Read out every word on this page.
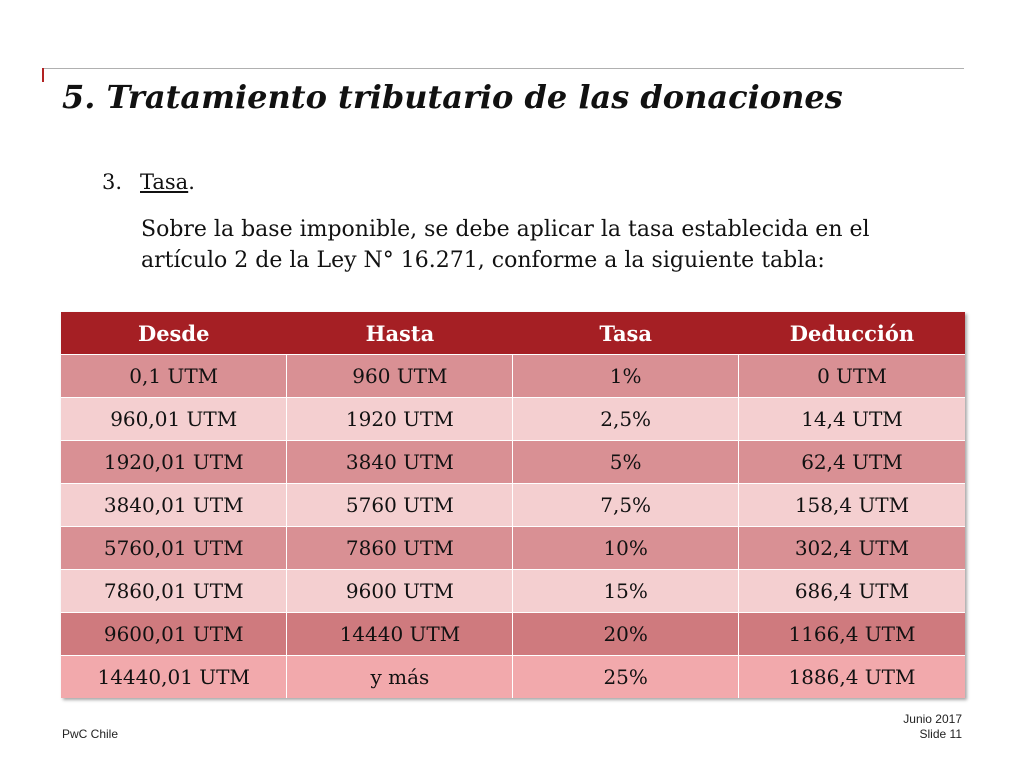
5. Tratamiento tributario de las donaciones
3. Tasa.
Sobre la base imponible, se debe aplicar la tasa establecida en el artículo 2 de la Ley N° 16.271, conforme a la siguiente tabla:
Desde	Hasta	Tasa	Deducción
0,1 UTM	960 UTM	1%	0 UTM
960,01 UTM	1920 UTM	2,5%	14,4 UTM
1920,01 UTM	3840 UTM	5%	62,4 UTM
3840,01 UTM	5760 UTM	7,5%	158,4 UTM
5760,01 UTM	7860 UTM	10%	302,4 UTM
7860,01 UTM	9600 UTM	15%	686,4 UTM
9600,01 UTM	14440 UTM	20%	1166,4 UTM
14440,01 UTM	y más	25%	1886,4 UTM
PwC Chile
Junio 2017
Slide 11
